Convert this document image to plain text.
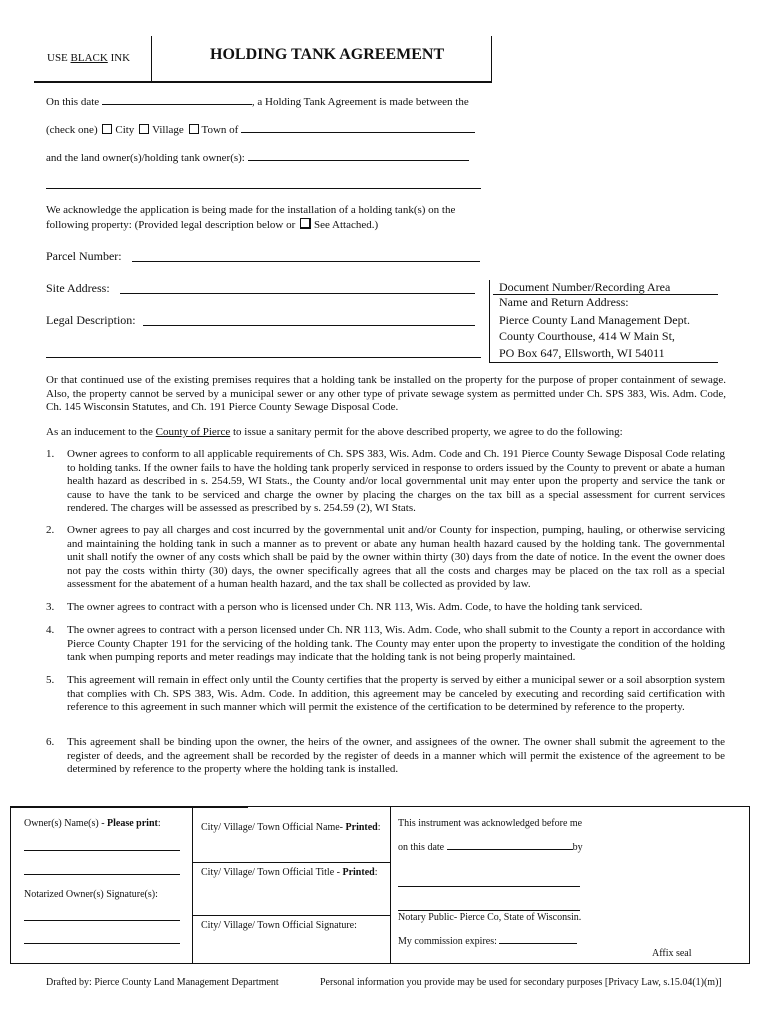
USE BLACK INK	HOLDING TANK AGREEMENT
On this date	, a Holding Tank Agreement is made between the
(check one) City Village Town of
and the land owner(s)/holding tank owner(s):
We acknowledge the application is being made for the installation of a holding tank(s) on the
following property: (Provided legal description below or See Attached.)
Parcel Number:
Site Address:
Legal Description:
Document Number/Recording Area
Name and Return Address:
Pierce County Land Management Dept.
County Courthouse, 414 W Main St,
PO Box 647, Ellsworth, WI 54011
Or that continued use of the existing premises requires that a holding tank be installed on the property for the purpose of proper containment of sewage. Also, the property cannot be served by a municipal sewer or any other type of private sewage system as permitted under Ch. SPS 383, Wis. Adm. Code, Ch. 145 Wisconsin Statutes, and Ch. 191 Pierce County Sewage Disposal Code.
As an inducement to the County of Pierce to issue a sanitary permit for the above described property, we agree to do the following:
1. Owner agrees to conform to all applicable requirements of Ch. SPS 383, Wis. Adm. Code and Ch. 191 Pierce County Sewage Disposal Code relating to holding tanks. If the owner fails to have the holding tank properly serviced in response to orders issued by the County to prevent or abate a human health hazard as described in s. 254.59, WI Stats., the County and/or local governmental unit may enter upon the property and service the tank or cause to have the tank to be serviced and charge the owner by placing the charges on the tax bill as a special assessment for current services rendered. The charges will be assessed as prescribed by s. 254.59 (2), WI Stats.
2. Owner agrees to pay all charges and cost incurred by the governmental unit and/or County for inspection, pumping, hauling, or otherwise servicing and maintaining the holding tank in such a manner as to prevent or abate any human health hazard caused by the holding tank. The governmental unit shall notify the owner of any costs which shall be paid by the owner within thirty (30) days from the date of notice. In the event the owner does not pay the costs within thirty (30) days, the owner specifically agrees that all the costs and charges may be placed on the tax roll as a special assessment for the abatement of a human health hazard, and the tax shall be collected as provided by law.
3. The owner agrees to contract with a person who is licensed under Ch. NR 113, Wis. Adm. Code, to have the holding tank serviced.
4. The owner agrees to contract with a person licensed under Ch. NR 113, Wis. Adm. Code, who shall submit to the County a report in accordance with Pierce County Chapter 191 for the servicing of the holding tank. The County may enter upon the property to investigate the condition of the holding tank when pumping reports and meter readings may indicate that the holding tank is not being properly maintained.
5. This agreement will remain in effect only until the County certifies that the property is served by either a municipal sewer or a soil absorption system that complies with Ch. SPS 383, Wis. Adm. Code. In addition, this agreement may be canceled by executing and recording said certification with reference to this agreement in such manner which will permit the existence of the certification to be determined by reference to the property.
6. This agreement shall be binding upon the owner, the heirs of the owner, and assignees of the owner. The owner shall submit the agreement to the register of deeds, and the agreement shall be recorded by the register of deeds in a manner which will permit the existence of the agreement to be determined by reference to the property where the holding tank is installed.
Owner(s) Name(s) - Please print:
Notarized Owner(s) Signature(s):
City/ Village/ Town Official Name- Printed:
City/ Village/ Town Official Title - Printed:
City/ Village/ Town Official Signature:
This instrument was acknowledged before me
on this date	by
Notary Public- Pierce Co, State of Wisconsin.
My commission expires:
Affix seal
Drafted by: Pierce County Land Management Department	Personal information you provide may be used for secondary purposes [Privacy Law, s.15.04(1)(m)]
